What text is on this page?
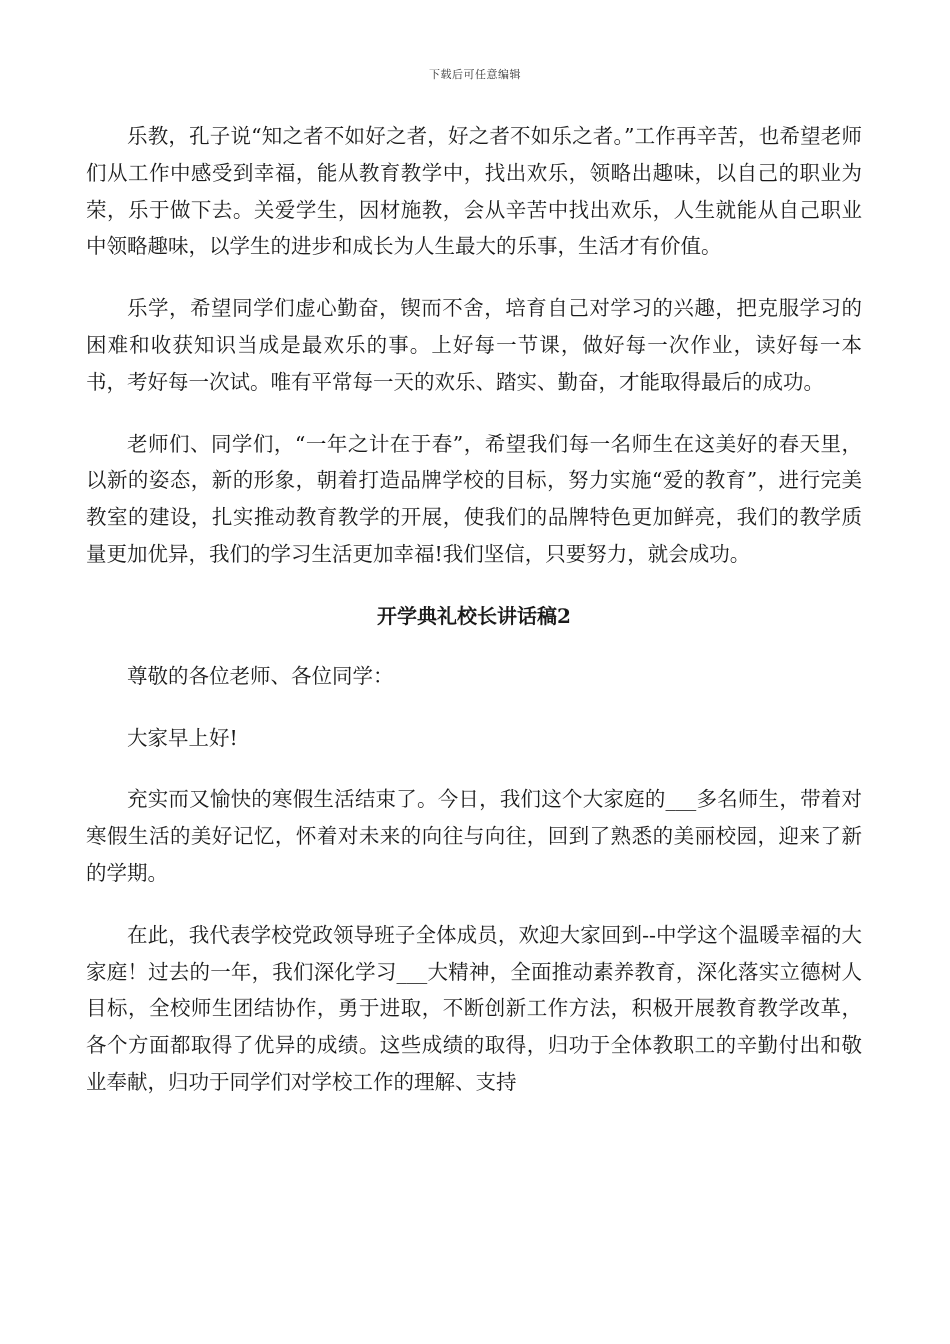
下载后可任意编辑

乐教，孔子说“知之者不如好之者，好之者不如乐之者。”工作再辛苦，也希望老师们从工作中感受到幸福，能从教育教学中，找出欢乐，领略出趣味，以自己的职业为荣，乐于做下去。关爱学生，因材施教，会从辛苦中找出欢乐，人生就能从自己职业中领略趣味，以学生的进步和成长为人生最大的乐事，生活才有价值。

乐学，希望同学们虚心勤奋，锲而不舍，培育自己对学习的兴趣，把克服学习的困难和收获知识当成是最欢乐的事。上好每一节课，做好每一次作业，读好每一本书，考好每一次试。唯有平常每一天的欢乐、踏实、勤奋，才能取得最后的成功。

老师们、同学们，“一年之计在于春”，希望我们每一名师生在这美好的春天里，以新的姿态，新的形象，朝着打造品牌学校的目标，努力实施“爱的教育”，进行完美教室的建设，扎实推动教育教学的开展，使我们的品牌特色更加鲜亮，我们的教学质量更加优异，我们的学习生活更加幸福!我们坚信，只要努力，就会成功。

开学典礼校长讲话稿2

尊敬的各位老师、各位同学：

大家早上好!

充实而又愉快的寒假生活结束了。今日，我们这个大家庭的___多名师生，带着对寒假生活的美好记忆，怀着对未来的向往与向往，回到了熟悉的美丽校园，迎来了新的学期。

在此，我代表学校党政领导班子全体成员，欢迎大家回到--中学这个温暖幸福的大家庭！过去的一年，我们深化学习___大精神，全面推动素养教育，深化落实立德树人目标，全校师生团结协作，勇于进取，不断创新工作方法，积极开展教育教学改革，各个方面都取得了优异的成绩。这些成绩的取得，归功于全体教职工的辛勤付出和敬业奉献，归功于同学们对学校工作的理解、支持
